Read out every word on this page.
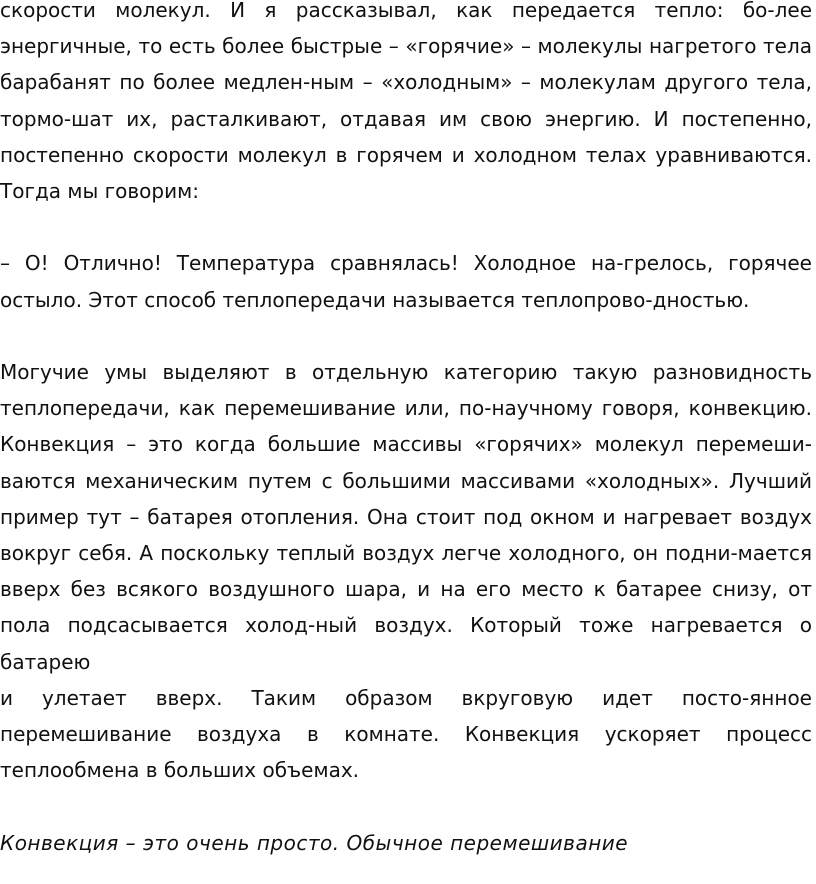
скорости молекул. И я рассказывал, как передается тепло: бо-лее энергичные, то есть более быстрые – «горячие» – молекулы нагретого тела барабанят по более медлен-ным – «холодным» – молекулам другого тела, тормо-шат их, расталкивают, отдавая им свою энергию. И постепенно, постепенно скорости молекул в горячем и холодном телах уравниваются. Тогда мы говорим:

– О! Отлично! Температура сравнялась! Холодное на-грелось, горячее остыло. Этот способ теплопередачи называется теплопрово-дностью.

Могучие умы выделяют в отдельную категорию такую разновидность теплопередачи, как перемешивание или, по-научному говоря, конвекцию. Конвекция – это когда большие массивы «горячих» молекул перемеши-ваются механическим путем с большими массивами «холодных». Лучший пример тут – батарея отопления. Она стоит под окном и нагревает воздух вокруг себя. А поскольку теплый воздух легче холодного, он подни-мается вверх без всякого воздушного шара, и на его место к батарее снизу, от пола подсасывается холод-ный воздух. Который тоже нагревается о батарею

и улетает вверх. Таким образом вкруговую идет посто-янное перемешивание воздуха в комнате. Конвекция ускоряет процесс теплообмена в больших объемах.

Конвекция – это очень просто. Обычное перемешивание
